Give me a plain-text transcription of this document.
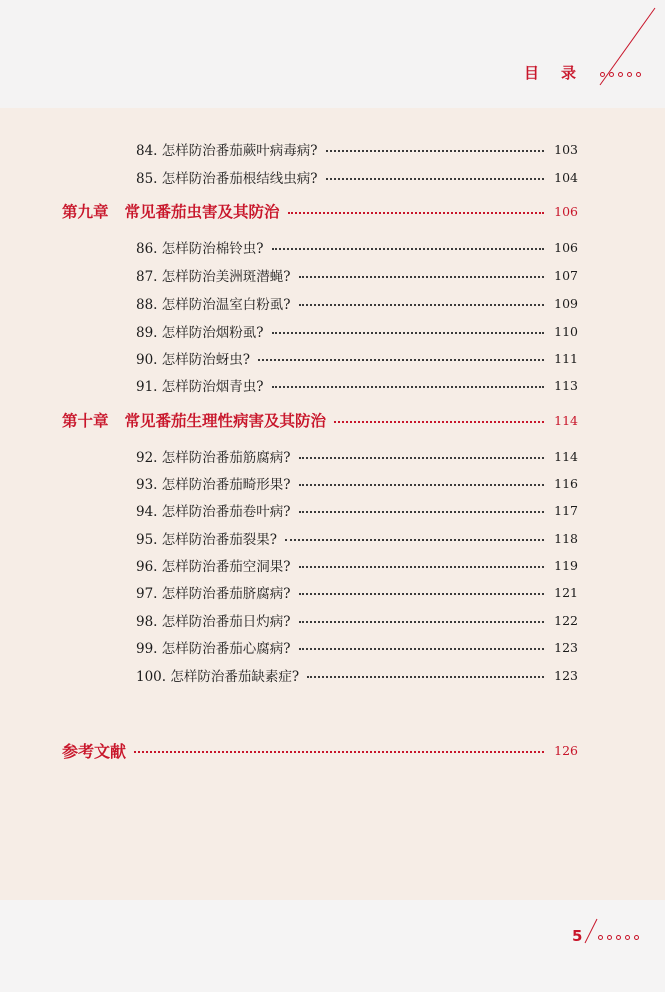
目录
84. 怎样防治番茄蕨叶病毒病?	103
85. 怎样防治番茄根结线虫病?	104
第九章 常见番茄虫害及其防治	106
86. 怎样防治棉铃虫?	106
87. 怎样防治美洲斑潜蝇?	107
88. 怎样防治温室白粉虱?	109
89. 怎样防治烟粉虱?	110
90. 怎样防治蚜虫?	111
91. 怎样防治烟青虫?	113
第十章 常见番茄生理性病害及其防治	114
92. 怎样防治番茄筋腐病?	114
93. 怎样防治番茄畸形果?	116
94. 怎样防治番茄卷叶病?	117
95. 怎样防治番茄裂果?	118
96. 怎样防治番茄空洞果?	119
97. 怎样防治番茄脐腐病?	121
98. 怎样防治番茄日灼病?	122
99. 怎样防治番茄心腐病?	123
100. 怎样防治番茄缺素症?	123
参考文献	126
5
